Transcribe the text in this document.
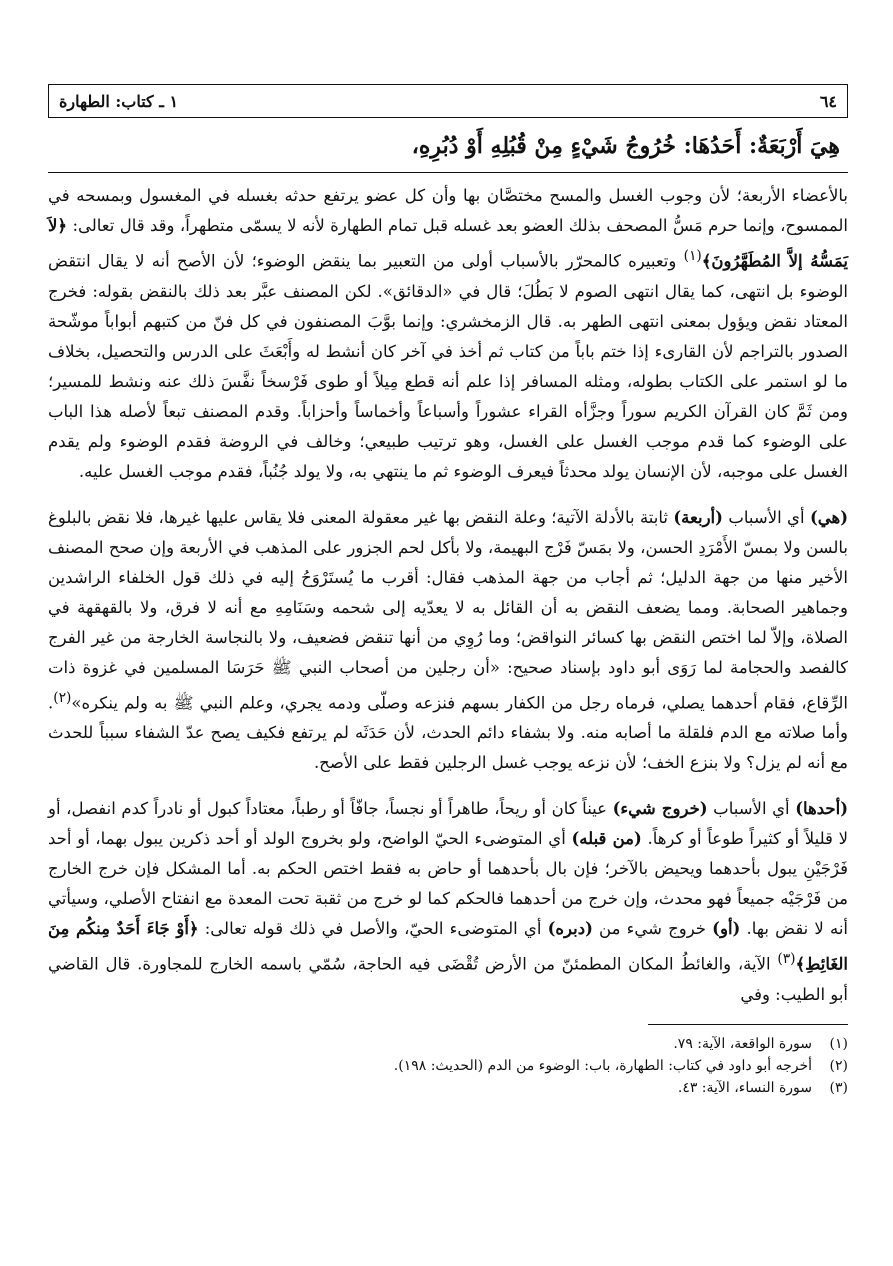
٦٤
١ ـ كتاب: الطهارة
هِيَ أَرْبَعَةٌ: أَحَدُهَا: خُرُوجُ شَيْءٍ مِنْ قُبُلِهِ أَوْ دُبُرِهِ،

بالأعضاء الأربعة؛ لأن وجوب الغسل والمسح مختصَّان بها وأن كل عضو يرتفع حدثه بغسله في المغسول وبمسحه في الممسوح، وإنما حرم مَسُّ المصحف بذلك العضو بعد غسله قبل تمام الطهارة لأنه لا يسمّى متطهراً، وقد قال تعالى: ﴿لاَ يَمَسُّهُ إلاَّ المُطَهَّرُونَ﴾$^{(١)}$ وتعبيره كالمحرّر بالأسباب أولى من التعبير بما ينقض الوضوء؛ لأن الأصح أنه لا يقال انتقض الوضوء بل انتهى، كما يقال انتهى الصوم لا بَطُلَ؛ قال في «الدقائق». لكن المصنف عبَّر بعد ذلك بالنقض بقوله: فخرج المعتاد نقض ويؤول بمعنى انتهى الطهر به. قال الزمخشري: وإنما بوَّبَ المصنفون في كل فنّ من كتبهم أبواباً موشّحة الصدور بالتراجم لأن القارىء إذا ختم باباً من كتاب ثم أخذ في آخر كان أنشط له وأَبْعَثَ على الدرس والتحصيل، بخلاف ما لو استمر على الكتاب بطوله، ومثله المسافر إذا علم أنه قطع مِيلاً أو طوى فَرْسخاً نفَّسَ ذلك عنه ونشط للمسير؛ ومن ثَمَّ كان القرآن الكريم سوراً وجزَّأه القراء عشوراً وأسباعاً وأخماساً وأحزاباً. وقدم المصنف تبعاً لأصله هذا الباب على الوضوء كما قدم موجب الغسل على الغسل، وهو ترتيب طبيعي؛ وخالف في الروضة فقدم الوضوء ولم يقدم الغسل على موجبه، لأن الإنسان يولد محدثاً فيعرف الوضوء ثم ما ينتهي به، ولا يولد جُنُباً، فقدم موجب الغسل عليه.

(هي) أي الأسباب (أربعة) ثابتة بالأدلة الآتية؛ وعلة النقض بها غير معقولة المعنى فلا يقاس عليها غيرها، فلا نقض بالبلوغ بالسن ولا بمسّ الأَمْرَدِ الحسن، ولا بمَسّ فَرْج البهيمة، ولا بأكل لحم الجزور على المذهب في الأربعة وإن صحح المصنف الأخير منها من جهة الدليل؛ ثم أجاب من جهة المذهب فقال: أقرب ما يُستَرْوَحُ إليه في ذلك قول الخلفاء الراشدين وجماهير الصحابة. ومما يضعف النقض به أن القائل به لا يعدّيه إلى شحمه وسَنَامِهِ مع أنه لا فرق، ولا بالقهقهة في الصلاة، وإلاّ لما اختص النقض بها كسائر النواقض؛ وما رُوِي من أنها تنقض فضعيف، ولا بالنجاسة الخارجة من غير الفرج كالفصد والحجامة لما رَوَى أبو داود بإسناد صحيح: «أن رجلين من أصحاب النبي ﷺ حَرَسَا المسلمين في غزوة ذات الرِّقاع، فقام أحدهما يصلي، فرماه رجل من الكفار بسهم فنزعه وصلّى ودمه يجري، وعلم النبي ﷺ به ولم ينكره»$^{(٢)}$. وأما صلاته مع الدم فلقلة ما أصابه منه. ولا بشفاء دائم الحدث، لأن حَدَثَه لم يرتفع فكيف يصح عدّ الشفاء سبباً للحدث مع أنه لم يزل؟ ولا بنزع الخف؛ لأن نزعه يوجب غسل الرجلين فقط على الأصح.

(أحدها) أي الأسباب (خروج شيء) عيناً كان أو ريحاً، طاهراً أو نجساً، جافّاً أو رطباً، معتاداً كبول أو نادراً كدم انفصل، أو لا قليلاً أو كثيراً طوعاً أو كرهاً. (من قبله) أي المتوضىء الحيّ الواضح، ولو بخروج الولد أو أحد ذكرين يبول بهما، أو أحد فَرْجَيْنِ يبول بأحدهما ويحيض بالآخر؛ فإن بال بأحدهما أو حاض به فقط اختص الحكم به. أما المشكل فإن خرج الخارج من فَرْجَيْه جميعاً فهو محدث، وإن خرج من أحدهما فالحكم كما لو خرج من ثقبة تحت المعدة مع انفتاح الأصلي، وسيأتي أنه لا نقض بها. (أو) خروج شيء من (دبره) أي المتوضىء الحيّ، والأصل في ذلك قوله تعالى: ﴿أَوْ جَاءَ أَحَدٌ مِنكُم مِنَ الغَائِطِ﴾$^{(٣)}$ الآية، والغائطُ المكان المطمئنّ من الأرض تُقْضَى فيه الحاجة، سُمّي باسمه الخارج للمجاورة. قال القاضي أبو الطيب: وفي

(١)
سورة الواقعة، الآية: ٧٩.
(٢)
أخرجه أبو داود في كتاب: الطهارة، باب: الوضوء من الدم (الحديث: ١٩٨).
(٣)
سورة النساء، الآية: ٤٣.
